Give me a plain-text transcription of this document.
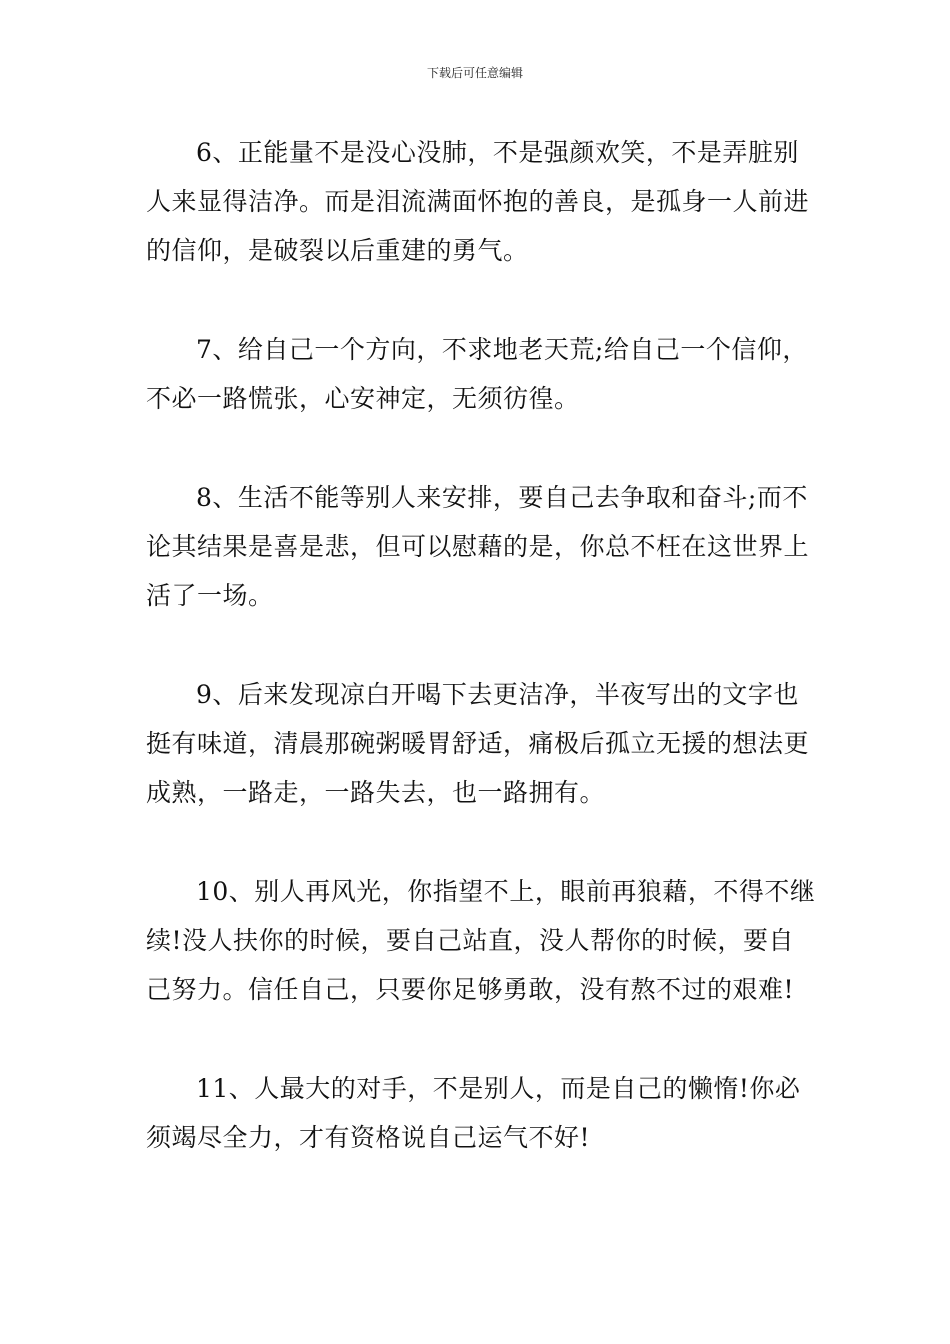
下载后可任意编辑

6、正能量不是没心没肺，不是强颜欢笑，不是弄脏别人来显得洁净。而是泪流满面怀抱的善良，是孤身一人前进的信仰，是破裂以后重建的勇气。

7、给自己一个方向，不求地老天荒;给自己一个信仰，不必一路慌张，心安神定，无须彷徨。

8、生活不能等别人来安排，要自己去争取和奋斗;而不论其结果是喜是悲，但可以慰藉的是，你总不枉在这世界上活了一场。

9、后来发现凉白开喝下去更洁净，半夜写出的文字也挺有味道，清晨那碗粥暖胃舒适，痛极后孤立无援的想法更成熟，一路走，一路失去，也一路拥有。

10、别人再风光，你指望不上，眼前再狼藉，不得不继续!没人扶你的时候，要自己站直，没人帮你的时候，要自己努力。信任自己，只要你足够勇敢，没有熬不过的艰难!

11、人最大的对手，不是别人，而是自己的懒惰!你必须竭尽全力，才有资格说自己运气不好!
